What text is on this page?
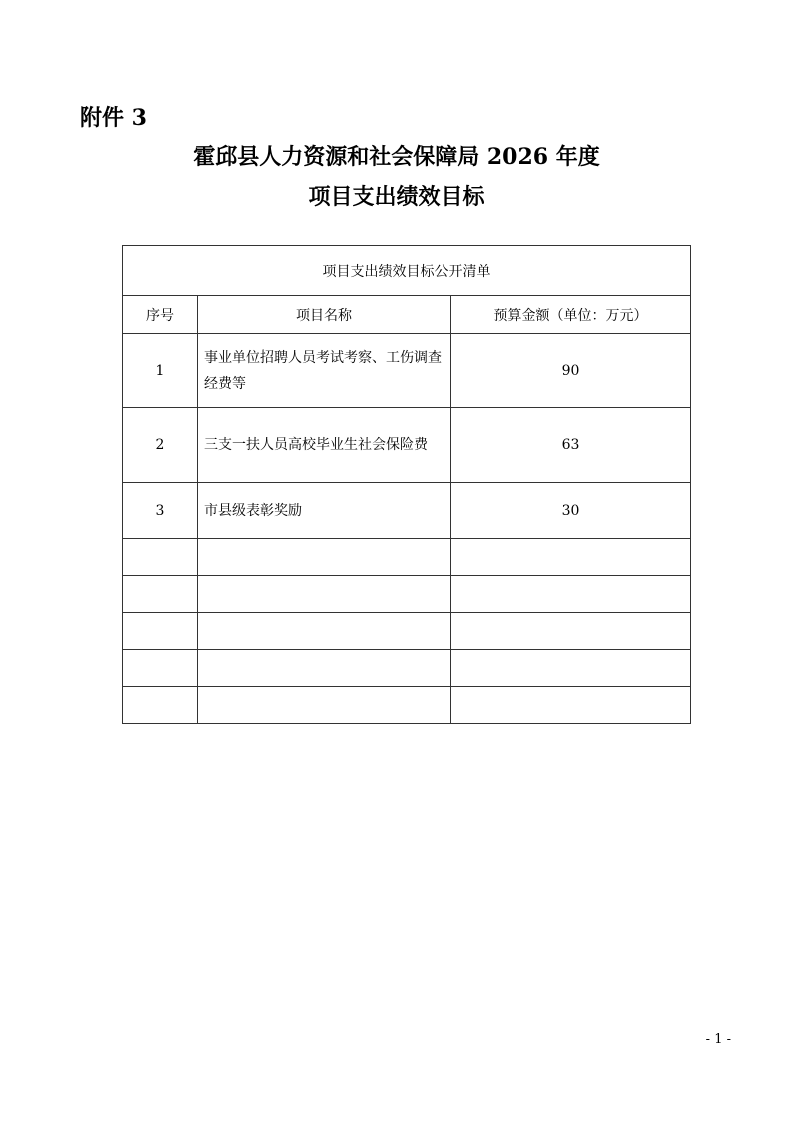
附件 3

霍邱县人力资源和社会保障局 2026 年度
项目支出绩效目标
项目支出绩效目标公开清单		
序号	项目名称	预算金额（单位：万元）
1	事业单位招聘人员考试考察、工伤调查经费等	90
2	三支一扶人员高校毕业生社会保险费	63
3	市县级表彰奖励	30

- 1 -
